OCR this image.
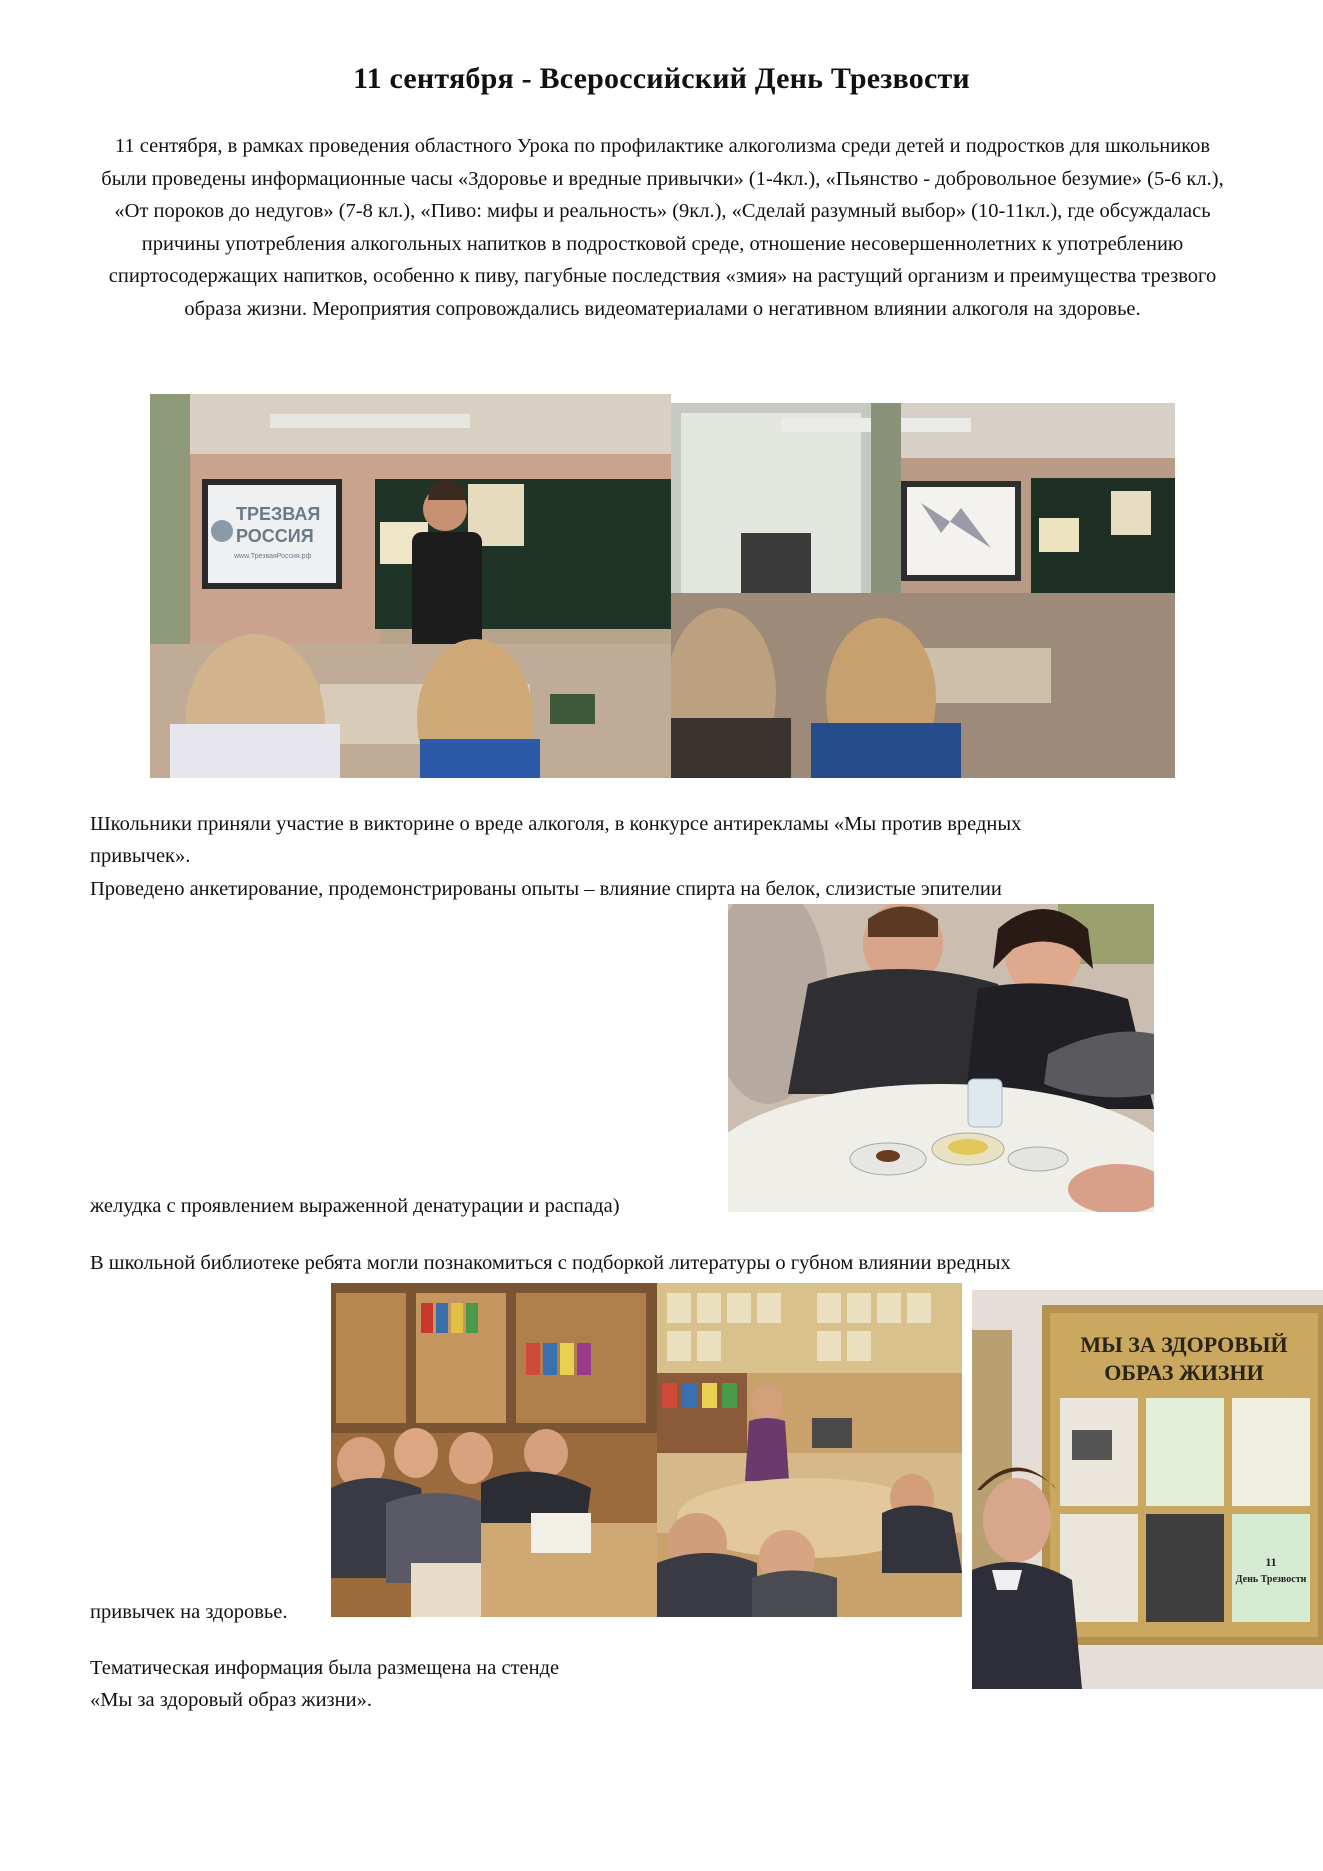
11 сентября - Всероссийский День Трезвости

11 сентября, в рамках проведения областного Урока по профилактике алкоголизма среди детей и подростков для школьников были проведены информационные часы «Здоровье и вредные привычки» (1-4кл.), «Пьянство - добровольное безумие» (5-6 кл.), «От пороков до недугов» (7-8 кл.), «Пиво: мифы и реальность» (9кл.), «Сделай разумный выбор» (10-11кл.), где обсуждалась причины употребления алкогольных напитков в подростковой среде, отношение несовершеннолетних к употреблению спиртосодержащих напитков, особенно к пиву, пагубные последствия «змия» на растущий организм и преимущества трезвого образа жизни. Мероприятия сопровождались видеоматериалами о негативном влиянии алкоголя на здоровье.

ТРЕЗВАЯ
РОССИЯ
www.ТрезваяРоссия.рф

Школьники приняли участие в викторине о вреде алкоголя, в конкурсе антирекламы «Мы против вредных
привычек».

Проведено анкетирование, продемонстрированы опыты – влияние спирта на белок, слизистые эпителии

желудка с проявлением выраженной денатурации и распада)

В школьной библиотеке ребята могли познакомиться с подборкой литературы о губном влиянии вредных

МЫ ЗА ЗДОРОВЫЙ
ОБРАЗ ЖИЗНИ
11
День Трезвости

привычек на здоровье.

Тематическая информация была размещена на стенде
«Мы за здоровый образ жизни».
